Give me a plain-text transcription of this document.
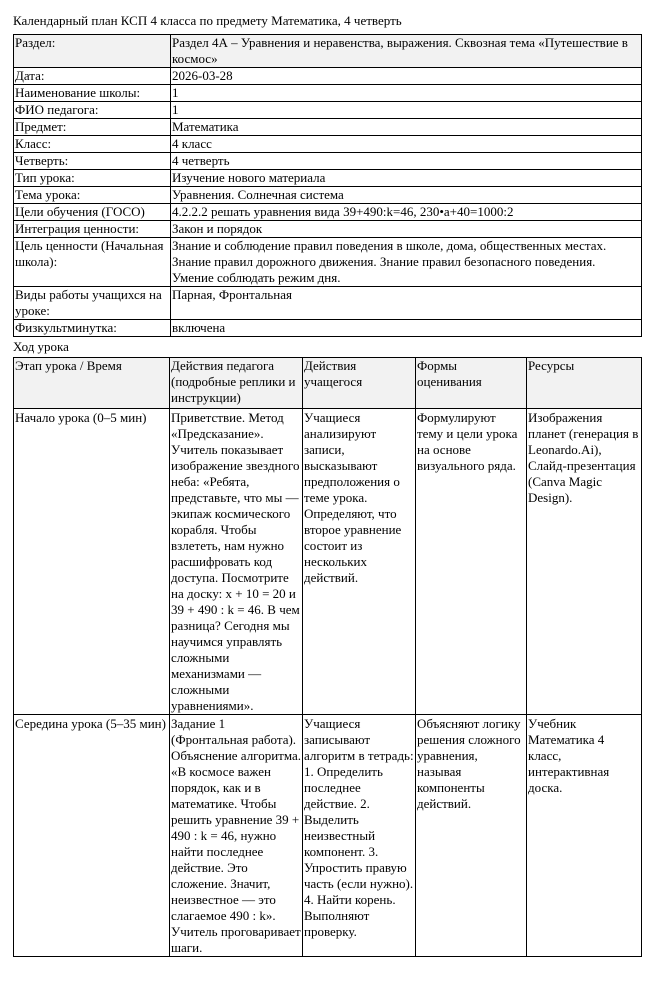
Календарный план КСП 4 класса по предмету Математика, 4 четверть
Раздел:	Раздел 4А – Уравнения и неравенства, выражения. Сквозная тема «Путешествие в космос»
Дата:	2026-03-28
Наименование школы:	1
ФИО педагога:	1
Предмет:	Математика
Класс:	4 класс
Четверть:	4 четверть
Тип урока:	Изучение нового материала
Тема урока:	Уравнения. Солнечная система
Цели обучения (ГОСО)	4.2.2.2 решать уравнения вида 39+490:k=46, 230•a+40=1000:2
Интеграция ценности:	Закон и порядок
Цель ценности (Начальная школа):	Знание и соблюдение правил поведения в школе, дома, общественных местах. Знание правил дорожного движения. Знание правил безопасного поведения. Умение соблюдать режим дня.
Виды работы учащихся на уроке:	Парная, Фронтальная
Физкультминутка:	включена
Ход урока
Этап урока / Время	Действия педагога (подробные реплики и инструкции)	Действия учащегося	Формы оценивания	Ресурсы
Начало урока (0–5 мин)	Приветствие. Метод «Предсказание». Учитель показывает изображение звездного неба: «Ребята, представьте, что мы — экипаж космического корабля. Чтобы взлететь, нам нужно расшифровать код доступа. Посмотрите на доску: x + 10 = 20 и 39 + 490 : k = 46. В чем разница? Сегодня мы научимся управлять сложными механизмами — сложными уравнениями».	Учащиеся анализируют записи, высказывают предположения о теме урока. Определяют, что второе уравнение состоит из нескольких действий.	Формулируют тему и цели урока на основе визуального ряда.	Изображения планет (генерация в Leonardo.Ai), Слайд-презентация (Canva Magic Design).
Середина урока (5–35 мин)	Задание 1 (Фронтальная работа). Объяснение алгоритма. «В космосе важен порядок, как и в математике. Чтобы решить уравнение 39 + 490 : k = 46, нужно найти последнее действие. Это сложение. Значит, неизвестное — это слагаемое 490 : k». Учитель проговаривает шаги.	Учащиеся записывают алгоритм в тетрадь: 1. Определить последнее действие. 2. Выделить неизвестный компонент. 3. Упростить правую часть (если нужно). 4. Найти корень. Выполняют проверку.	Объясняют логику решения сложного уравнения, называя компоненты действий.	Учебник Математика 4 класс, интерактивная доска.
